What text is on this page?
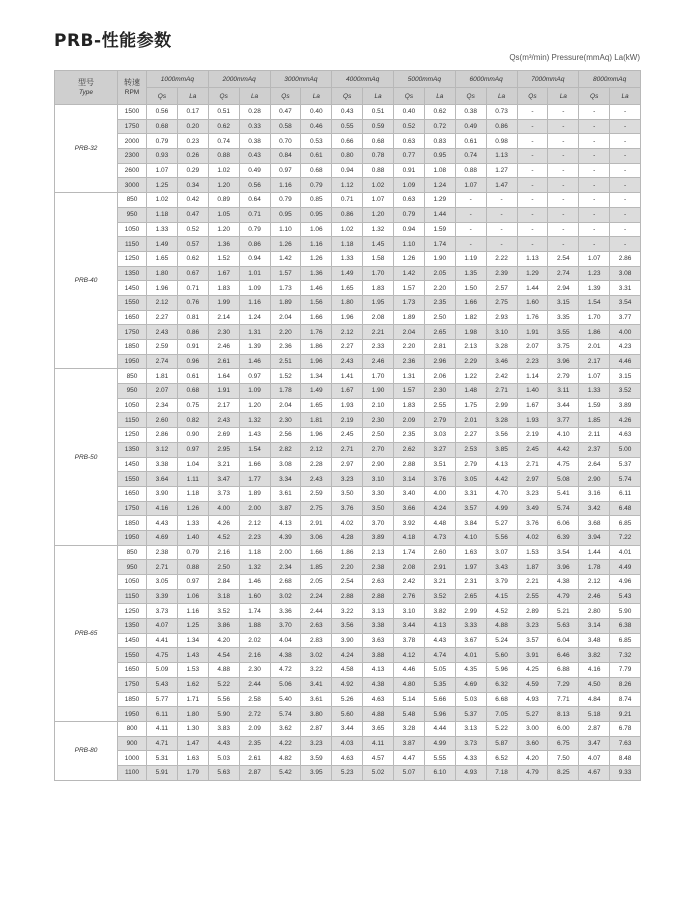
PRB-性能参数
Qs(m³/min) Pressure(mmAq) La(kW)
型号
Type	转速
RPM	1000mmAq		2000mmAq		3000mmAq		4000mmAq		5000mmAq		6000mmAq		7000mmAq		8000mmAq	
		Qs	La	Qs	La	Qs	La	Qs	La	Qs	La	Qs	La	Qs	La	Qs	La
PRB-32	1500	0.56	0.17	0.51	0.28	0.47	0.40	0.43	0.51	0.40	0.62	0.38	0.73	-	-	-	-
	1750	0.68	0.20	0.62	0.33	0.58	0.46	0.55	0.59	0.52	0.72	0.49	0.86	-	-	-	-
	2000	0.79	0.23	0.74	0.38	0.70	0.53	0.66	0.68	0.63	0.83	0.61	0.98	-	-	-	-
	2300	0.93	0.26	0.88	0.43	0.84	0.61	0.80	0.78	0.77	0.95	0.74	1.13	-	-	-	-
	2600	1.07	0.29	1.02	0.49	0.97	0.68	0.94	0.88	0.91	1.08	0.88	1.27	-	-	-	-
	3000	1.25	0.34	1.20	0.56	1.16	0.79	1.12	1.02	1.09	1.24	1.07	1.47	-	-	-	-
PRB-40	850	1.02	0.42	0.89	0.64	0.79	0.85	0.71	1.07	0.63	1.29	-	-	-	-	-	-
	950	1.18	0.47	1.05	0.71	0.95	0.95	0.86	1.20	0.79	1.44	-	-	-	-	-	-
	1050	1.33	0.52	1.20	0.79	1.10	1.06	1.02	1.32	0.94	1.59	-	-	-	-	-	-
	1150	1.49	0.57	1.36	0.86	1.26	1.16	1.18	1.45	1.10	1.74	-	-	-	-	-	-
	1250	1.65	0.62	1.52	0.94	1.42	1.26	1.33	1.58	1.26	1.90	1.19	2.22	1.13	2.54	1.07	2.86
	1350	1.80	0.67	1.67	1.01	1.57	1.36	1.49	1.70	1.42	2.05	1.35	2.39	1.29	2.74	1.23	3.08
	1450	1.96	0.71	1.83	1.09	1.73	1.46	1.65	1.83	1.57	2.20	1.50	2.57	1.44	2.94	1.39	3.31
	1550	2.12	0.76	1.99	1.16	1.89	1.56	1.80	1.95	1.73	2.35	1.66	2.75	1.60	3.15	1.54	3.54
	1650	2.27	0.81	2.14	1.24	2.04	1.66	1.96	2.08	1.89	2.50	1.82	2.93	1.76	3.35	1.70	3.77
	1750	2.43	0.86	2.30	1.31	2.20	1.76	2.12	2.21	2.04	2.65	1.98	3.10	1.91	3.55	1.86	4.00
	1850	2.59	0.91	2.46	1.39	2.36	1.86	2.27	2.33	2.20	2.81	2.13	3.28	2.07	3.75	2.01	4.23
	1950	2.74	0.96	2.61	1.46	2.51	1.96	2.43	2.46	2.36	2.96	2.29	3.46	2.23	3.96	2.17	4.46
PRB-50	850	1.81	0.61	1.64	0.97	1.52	1.34	1.41	1.70	1.31	2.06	1.22	2.42	1.14	2.79	1.07	3.15
	950	2.07	0.68	1.91	1.09	1.78	1.49	1.67	1.90	1.57	2.30	1.48	2.71	1.40	3.11	1.33	3.52
	1050	2.34	0.75	2.17	1.20	2.04	1.65	1.93	2.10	1.83	2.55	1.75	2.99	1.67	3.44	1.59	3.89
	1150	2.60	0.82	2.43	1.32	2.30	1.81	2.19	2.30	2.09	2.79	2.01	3.28	1.93	3.77	1.85	4.26
	1250	2.86	0.90	2.69	1.43	2.56	1.96	2.45	2.50	2.35	3.03	2.27	3.56	2.19	4.10	2.11	4.63
	1350	3.12	0.97	2.95	1.54	2.82	2.12	2.71	2.70	2.62	3.27	2.53	3.85	2.45	4.42	2.37	5.00
	1450	3.38	1.04	3.21	1.66	3.08	2.28	2.97	2.90	2.88	3.51	2.79	4.13	2.71	4.75	2.64	5.37
	1550	3.64	1.11	3.47	1.77	3.34	2.43	3.23	3.10	3.14	3.76	3.05	4.42	2.97	5.08	2.90	5.74
	1650	3.90	1.18	3.73	1.89	3.61	2.59	3.50	3.30	3.40	4.00	3.31	4.70	3.23	5.41	3.16	6.11
	1750	4.16	1.26	4.00	2.00	3.87	2.75	3.76	3.50	3.66	4.24	3.57	4.99	3.49	5.74	3.42	6.48
	1850	4.43	1.33	4.26	2.12	4.13	2.91	4.02	3.70	3.92	4.48	3.84	5.27	3.76	6.06	3.68	6.85
	1950	4.69	1.40	4.52	2.23	4.39	3.06	4.28	3.89	4.18	4.73	4.10	5.56	4.02	6.39	3.94	7.22
PRB-65	850	2.38	0.79	2.16	1.18	2.00	1.66	1.86	2.13	1.74	2.60	1.63	3.07	1.53	3.54	1.44	4.01
	950	2.71	0.88	2.50	1.32	2.34	1.85	2.20	2.38	2.08	2.91	1.97	3.43	1.87	3.96	1.78	4.49
	1050	3.05	0.97	2.84	1.46	2.68	2.05	2.54	2.63	2.42	3.21	2.31	3.79	2.21	4.38	2.12	4.96
	1150	3.39	1.06	3.18	1.60	3.02	2.24	2.88	2.88	2.76	3.52	2.65	4.15	2.55	4.79	2.46	5.43
	1250	3.73	1.16	3.52	1.74	3.36	2.44	3.22	3.13	3.10	3.82	2.99	4.52	2.89	5.21	2.80	5.90
	1350	4.07	1.25	3.86	1.88	3.70	2.63	3.56	3.38	3.44	4.13	3.33	4.88	3.23	5.63	3.14	6.38
	1450	4.41	1.34	4.20	2.02	4.04	2.83	3.90	3.63	3.78	4.43	3.67	5.24	3.57	6.04	3.48	6.85
	1550	4.75	1.43	4.54	2.16	4.38	3.02	4.24	3.88	4.12	4.74	4.01	5.60	3.91	6.46	3.82	7.32
	1650	5.09	1.53	4.88	2.30	4.72	3.22	4.58	4.13	4.46	5.05	4.35	5.96	4.25	6.88	4.16	7.79
	1750	5.43	1.62	5.22	2.44	5.06	3.41	4.92	4.38	4.80	5.35	4.69	6.32	4.59	7.29	4.50	8.26
	1850	5.77	1.71	5.56	2.58	5.40	3.61	5.26	4.63	5.14	5.66	5.03	6.68	4.93	7.71	4.84	8.74
	1950	6.11	1.80	5.90	2.72	5.74	3.80	5.60	4.88	5.48	5.96	5.37	7.05	5.27	8.13	5.18	9.21
PRB-80	800	4.11	1.30	3.83	2.09	3.62	2.87	3.44	3.65	3.28	4.44	3.13	5.22	3.00	6.00	2.87	6.78
	900	4.71	1.47	4.43	2.35	4.22	3.23	4.03	4.11	3.87	4.99	3.73	5.87	3.60	6.75	3.47	7.63
	1000	5.31	1.63	5.03	2.61	4.82	3.59	4.63	4.57	4.47	5.55	4.33	6.52	4.20	7.50	4.07	8.48
	1100	5.91	1.79	5.63	2.87	5.42	3.95	5.23	5.02	5.07	6.10	4.93	7.18	4.79	8.25	4.67	9.33
